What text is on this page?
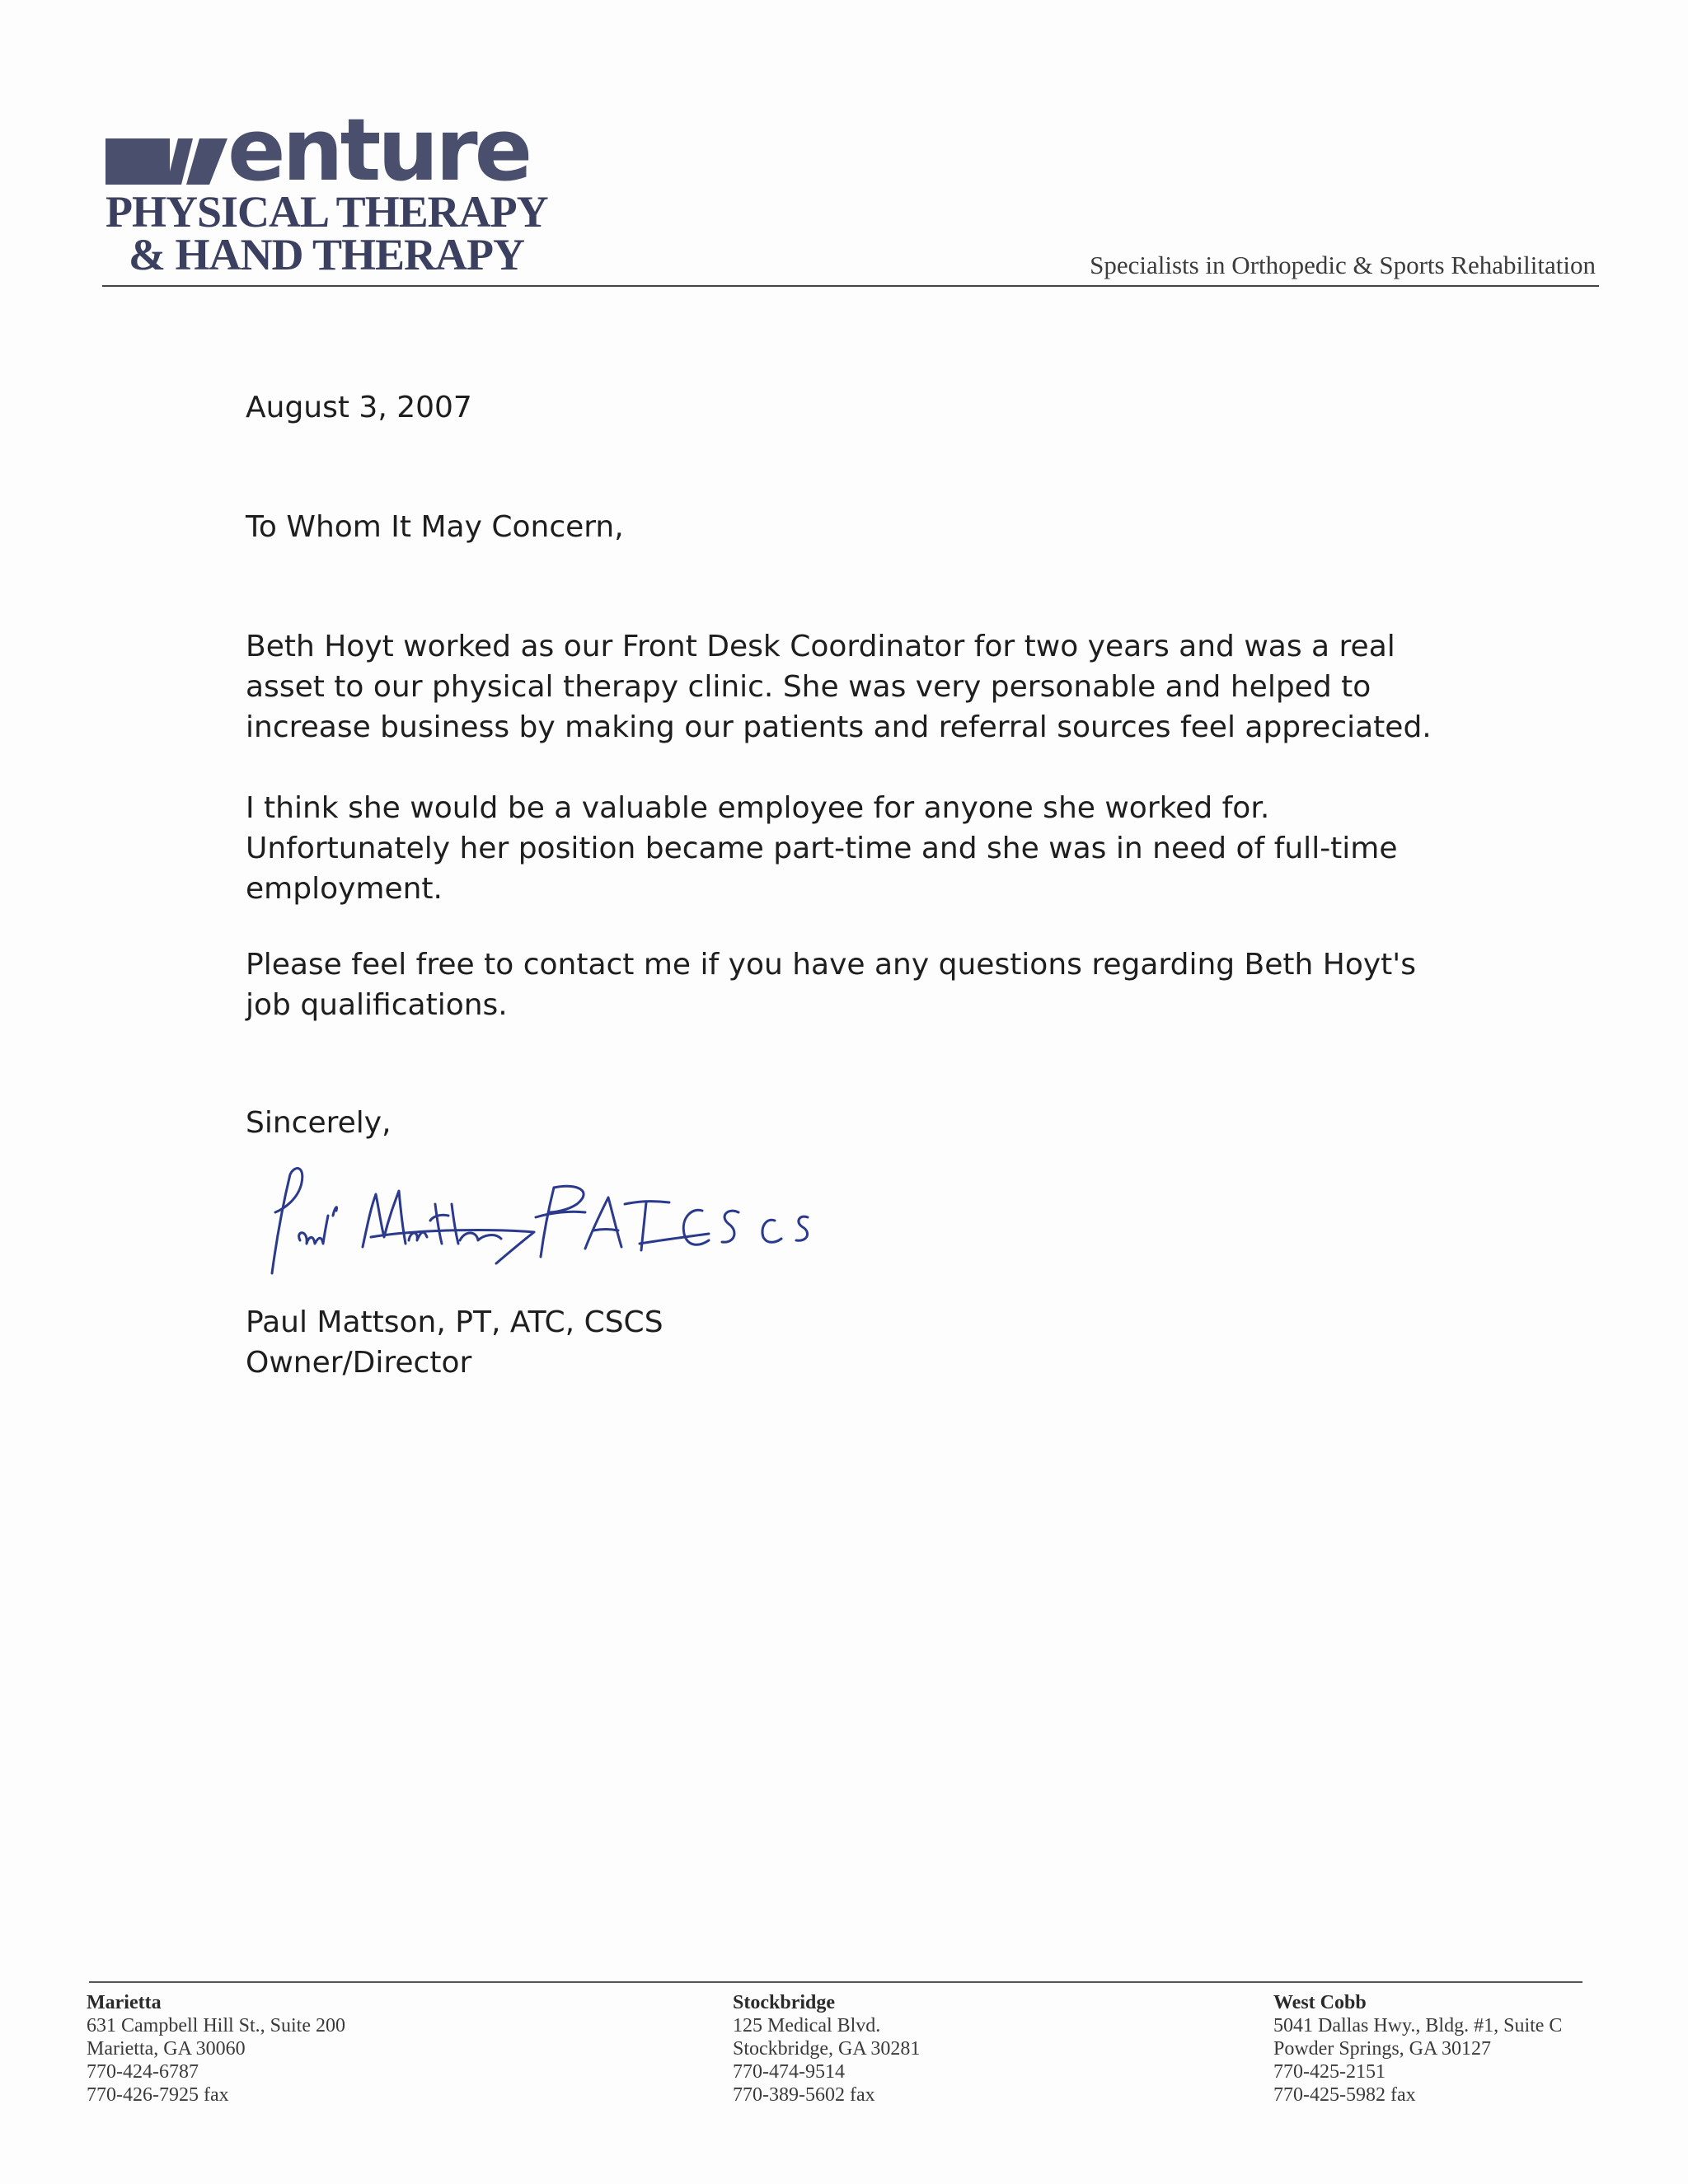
enture
PHYSICAL THERAPY
& HAND THERAPY	Specialists in Orthopedic & Sports Rehabilitation
August 3, 2007
To Whom It May Concern,
Beth Hoyt worked as our Front Desk Coordinator for two years and was a real
asset to our physical therapy clinic. She was very personable and helped to
increase business by making our patients and referral sources feel appreciated.
I think she would be a valuable employee for anyone she worked for.
Unfortunately her position became part-time and she was in need of full-time
employment.
Please feel free to contact me if you have any questions regarding Beth Hoyt's
job qualifications.
Sincerely,
Paul Mattson, PT, ATC, CSCS
Owner/Director
Marietta
631 Campbell Hill St., Suite 200
Marietta, GA 30060
770-424-6787
770-426-7925 fax
Stockbridge
125 Medical Blvd.
Stockbridge, GA 30281
770-474-9514
770-389-5602 fax
West Cobb
5041 Dallas Hwy., Bldg. #1, Suite C
Powder Springs, GA 30127
770-425-2151
770-425-5982 fax
